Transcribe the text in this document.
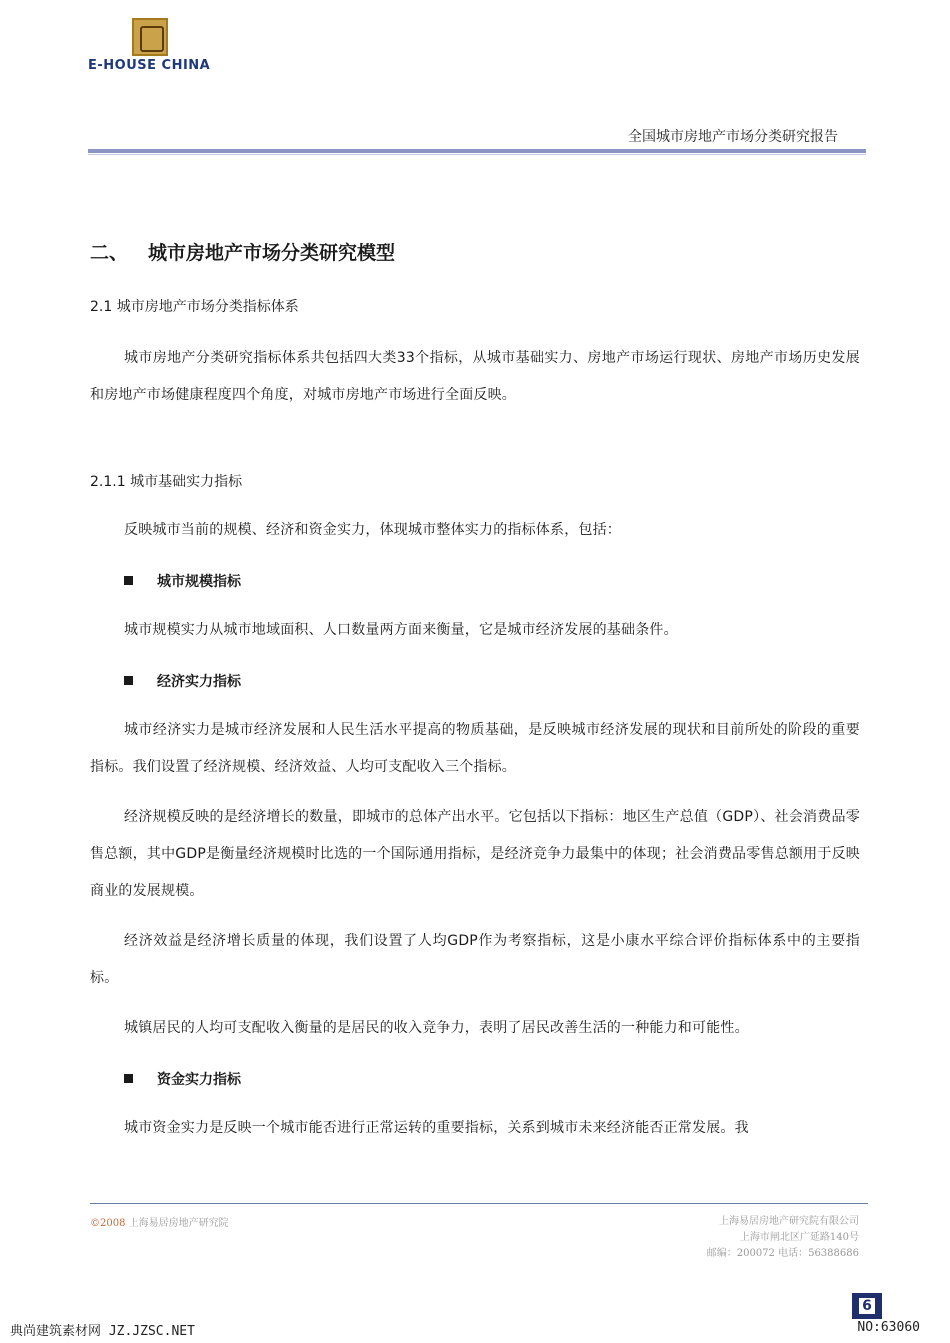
E-HOUSE CHINA
全国城市房地产市场分类研究报告
二、 城市房地产市场分类研究模型
2.1 城市房地产市场分类指标体系
城市房地产分类研究指标体系共包括四大类33个指标，从城市基础实力、房地产市场运行现状、房地产市场历史发展和房地产市场健康程度四个角度，对城市房地产市场进行全面反映。
2.1.1 城市基础实力指标
反映城市当前的规模、经济和资金实力，体现城市整体实力的指标体系，包括：
城市规模指标
城市规模实力从城市地域面积、人口数量两方面来衡量，它是城市经济发展的基础条件。
经济实力指标
城市经济实力是城市经济发展和人民生活水平提高的物质基础，是反映城市经济发展的现状和目前所处的阶段的重要指标。我们设置了经济规模、经济效益、人均可支配收入三个指标。
经济规模反映的是经济增长的数量，即城市的总体产出水平。它包括以下指标：地区生产总值（GDP）、社会消费品零售总额，其中GDP是衡量经济规模时比选的一个国际通用指标，是经济竞争力最集中的体现；社会消费品零售总额用于反映商业的发展规模。
经济效益是经济增长质量的体现，我们设置了人均GDP作为考察指标，这是小康水平综合评价指标体系中的主要指标。
城镇居民的人均可支配收入衡量的是居民的收入竞争力，表明了居民改善生活的一种能力和可能性。
资金实力指标
城市资金实力是反映一个城市能否进行正常运转的重要指标，关系到城市未来经济能否正常发展。我
©2008 上海易居房地产研究院	上海易居房地产研究院有限公司
上海市闸北区广延路140号
邮编：200072 电话：56388686
6
典尚建筑素材网 JZ.JZSC.NET	NO:63060
